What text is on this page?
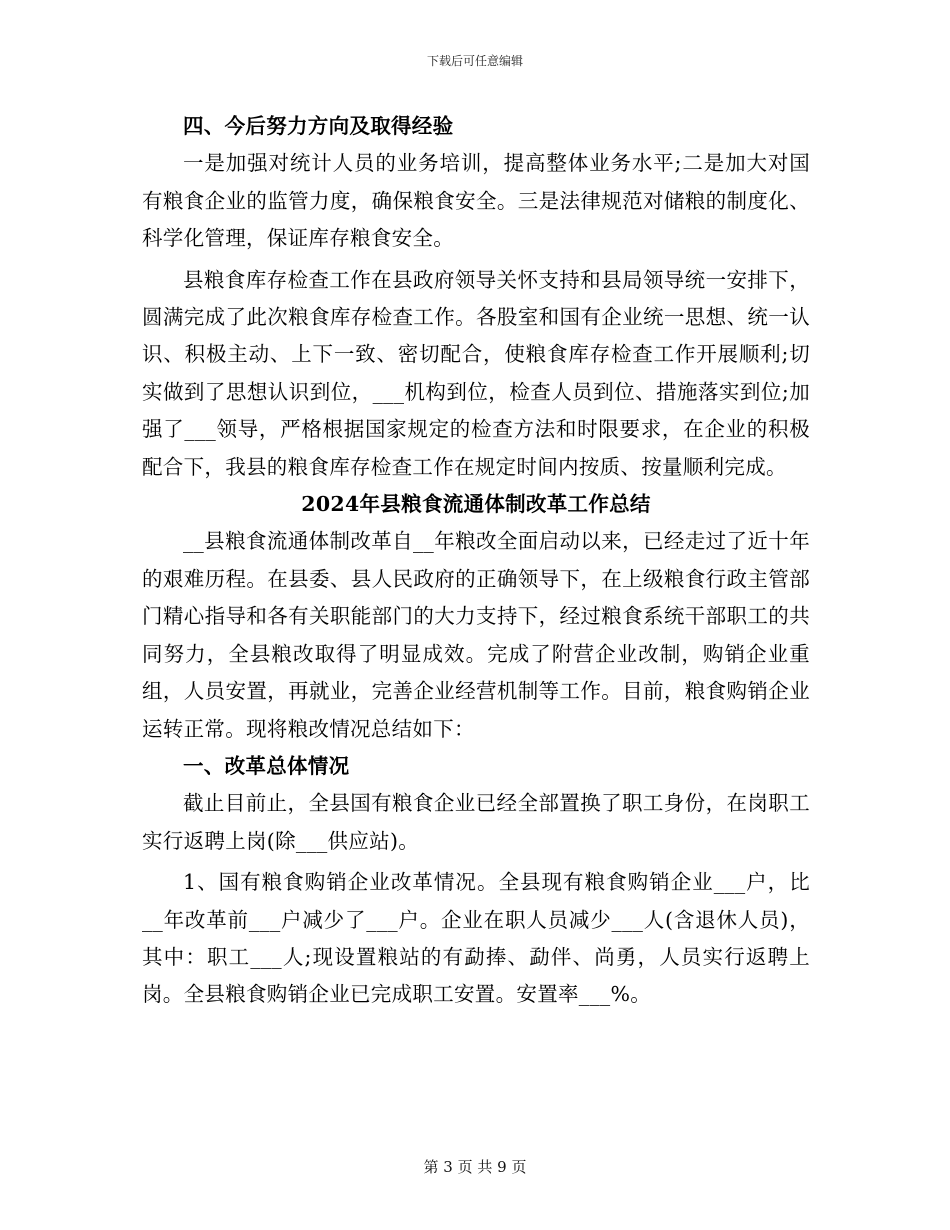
下载后可任意编辑

四、今后努力方向及取得经验

一是加强对统计人员的业务培训，提高整体业务水平;二是加大对国有粮食企业的监管力度，确保粮食安全。三是法律规范对储粮的制度化、科学化管理，保证库存粮食安全。

县粮食库存检查工作在县政府领导关怀支持和县局领导统一安排下，圆满完成了此次粮食库存检查工作。各股室和国有企业统一思想、统一认识、积极主动、上下一致、密切配合，使粮食库存检查工作开展顺利;切实做到了思想认识到位，___机构到位，检查人员到位、措施落实到位;加强了___领导，严格根据国家规定的检查方法和时限要求，在企业的积极配合下，我县的粮食库存检查工作在规定时间内按质、按量顺利完成。

2024年县粮食流通体制改革工作总结

__县粮食流通体制改革自__年粮改全面启动以来，已经走过了近十年的艰难历程。在县委、县人民政府的正确领导下，在上级粮食行政主管部门精心指导和各有关职能部门的大力支持下，经过粮食系统干部职工的共同努力，全县粮改取得了明显成效。完成了附营企业改制，购销企业重组，人员安置，再就业，完善企业经营机制等工作。目前，粮食购销企业运转正常。现将粮改情况总结如下：

一、改革总体情况

截止目前止，全县国有粮食企业已经全部置换了职工身份，在岗职工实行返聘上岗(除___供应站)。

1、国有粮食购销企业改革情况。全县现有粮食购销企业___户，比__年改革前___户减少了___户。企业在职人员减少___人(含退休人员)，其中：职工___人;现设置粮站的有勐捧、勐伴、尚勇，人员实行返聘上岗。全县粮食购销企业已完成职工安置。安置率___%。

第 3 页 共 9 页
